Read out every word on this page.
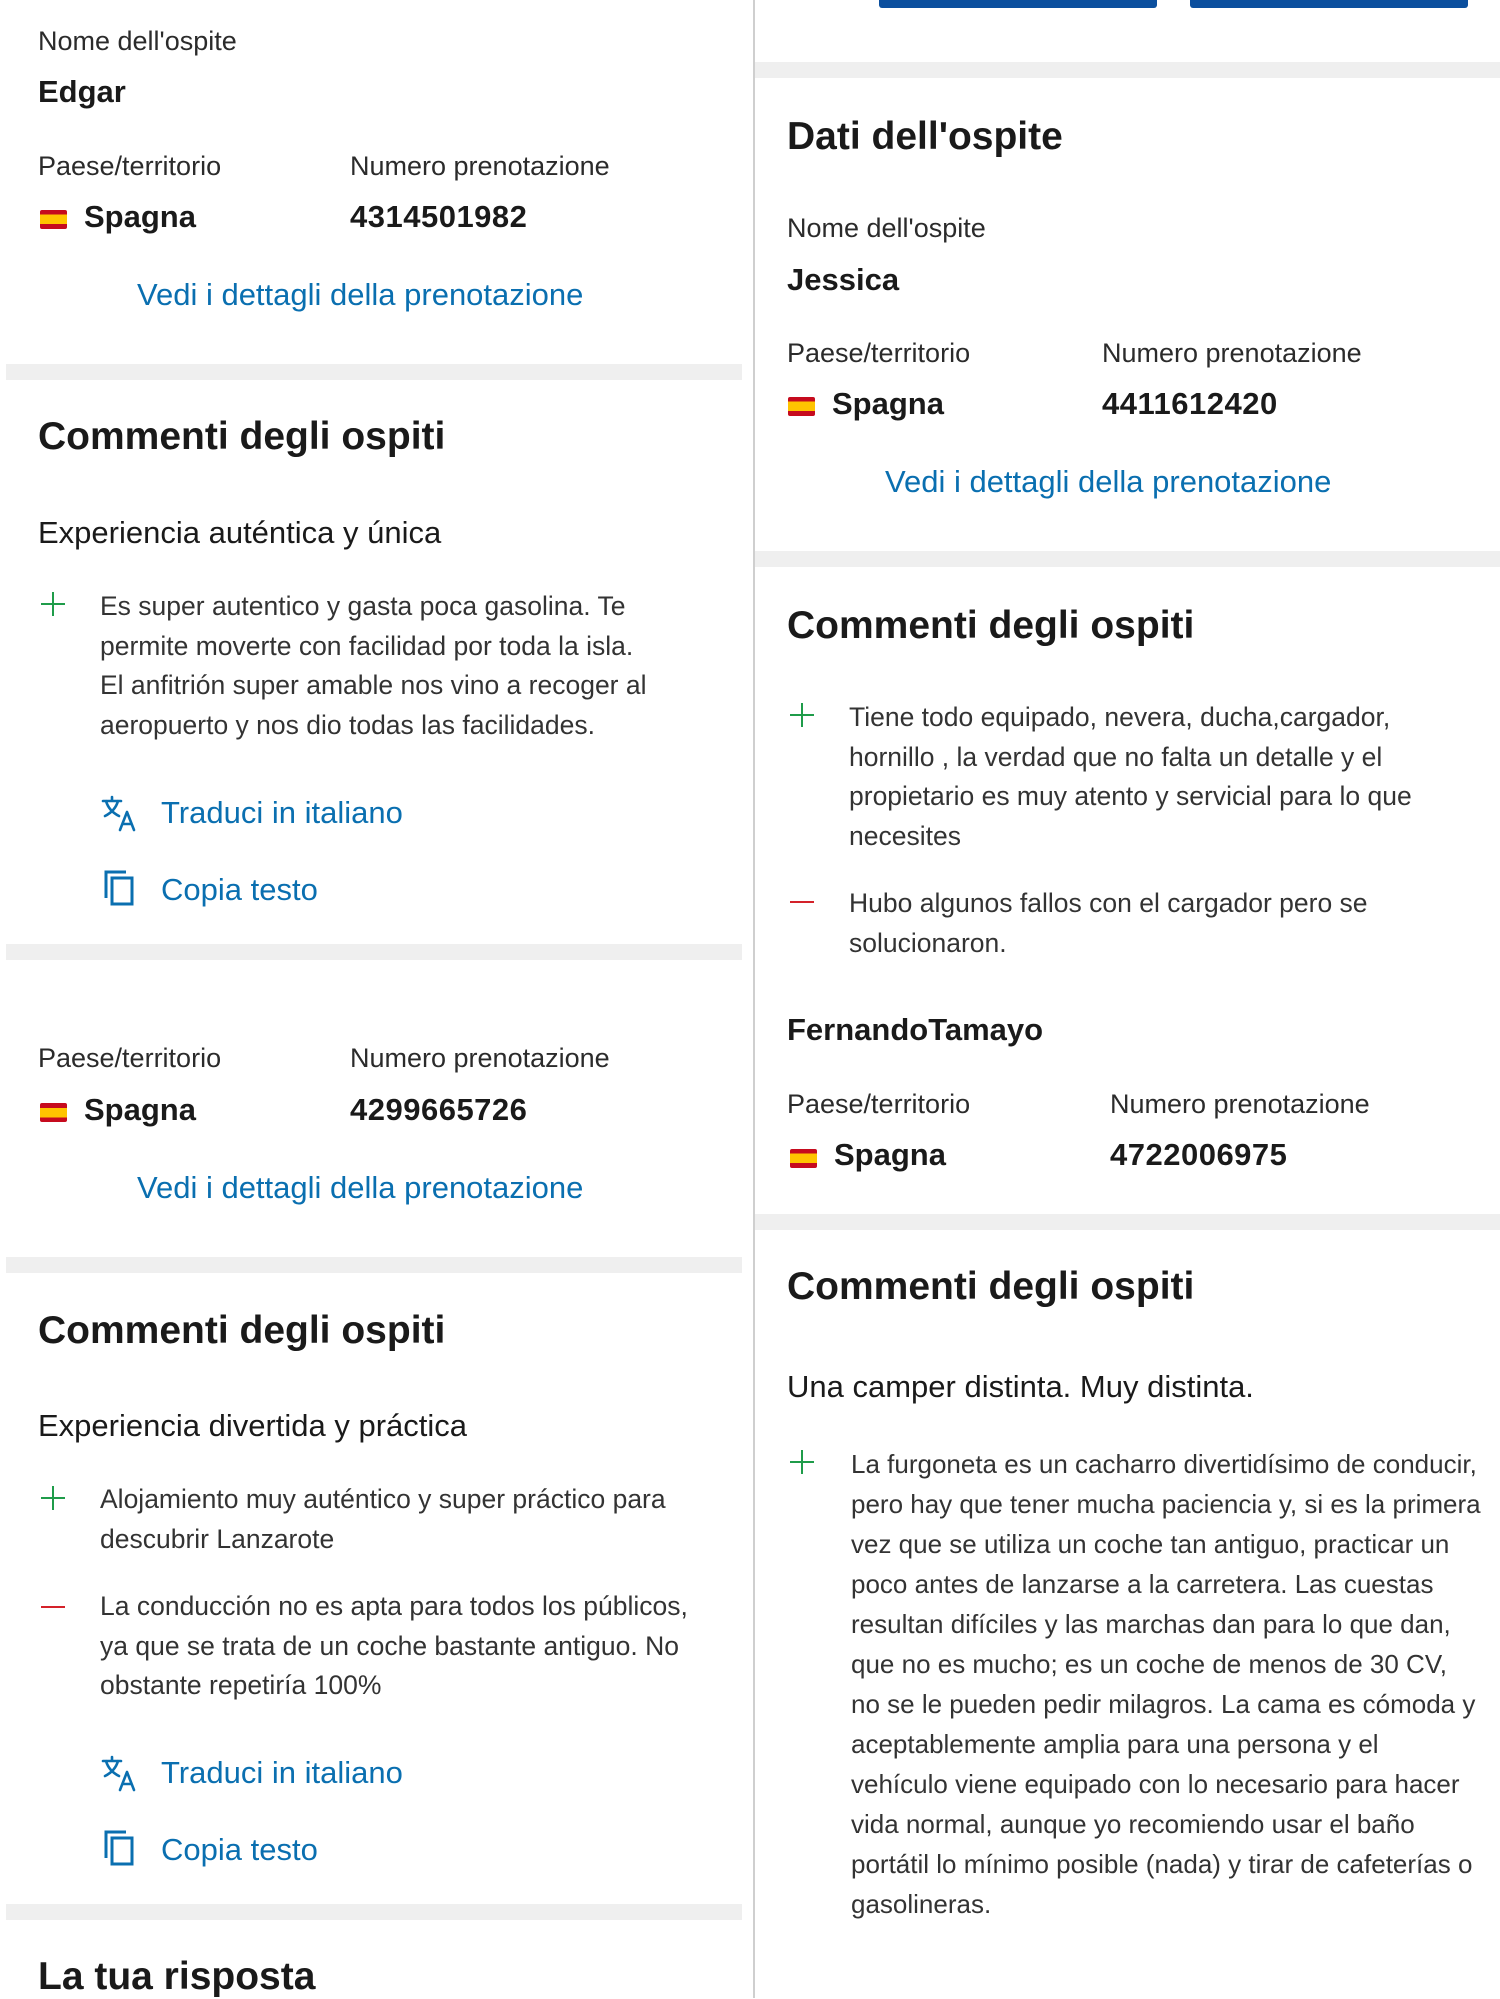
Nome dell'ospite
Edgar
Paese/territorio	Numero prenotazione
Spagna	4314501982
Vedi i dettagli della prenotazione
Commenti degli ospiti
Experiencia auténtica y única
Es super autentico y gasta poca gasolina. Te permite moverte con facilidad por toda la isla. El anfitrión super amable nos vino a recoger al aeropuerto y nos dio todas las facilidades.
Traduci in italiano
Copia testo
Paese/territorio	Numero prenotazione
Spagna	4299665726
Vedi i dettagli della prenotazione
Commenti degli ospiti
Experiencia divertida y práctica
Alojamiento muy auténtico y super práctico para descubrir Lanzarote
La conducción no es apta para todos los públicos, ya que se trata de un coche bastante antiguo. No obstante repetiría 100%
Traduci in italiano
Copia testo
La tua risposta
Dati dell'ospite
Nome dell'ospite
Jessica
Paese/territorio	Numero prenotazione
Spagna	4411612420
Vedi i dettagli della prenotazione
Commenti degli ospiti
Tiene todo equipado, nevera, ducha,cargador, hornillo , la verdad que no falta un detalle y el propietario es muy atento y servicial para lo que necesites
Hubo algunos fallos con el cargador pero se solucionaron.
FernandoTamayo
Paese/territorio	Numero prenotazione
Spagna	4722006975
Commenti degli ospiti
Una camper distinta. Muy distinta.
La furgoneta es un cacharro divertidísimo de conducir, pero hay que tener mucha paciencia y, si es la primera vez que se utiliza un coche tan antiguo, practicar un poco antes de lanzarse a la carretera. Las cuestas resultan difíciles y las marchas dan para lo que dan, que no es mucho; es un coche de menos de 30 CV, no se le pueden pedir milagros. La cama es cómoda y aceptablemente amplia para una persona y el vehículo viene equipado con lo necesario para hacer vida normal, aunque yo recomiendo usar el baño portátil lo mínimo posible (nada) y tirar de cafeterías o gasolineras.
